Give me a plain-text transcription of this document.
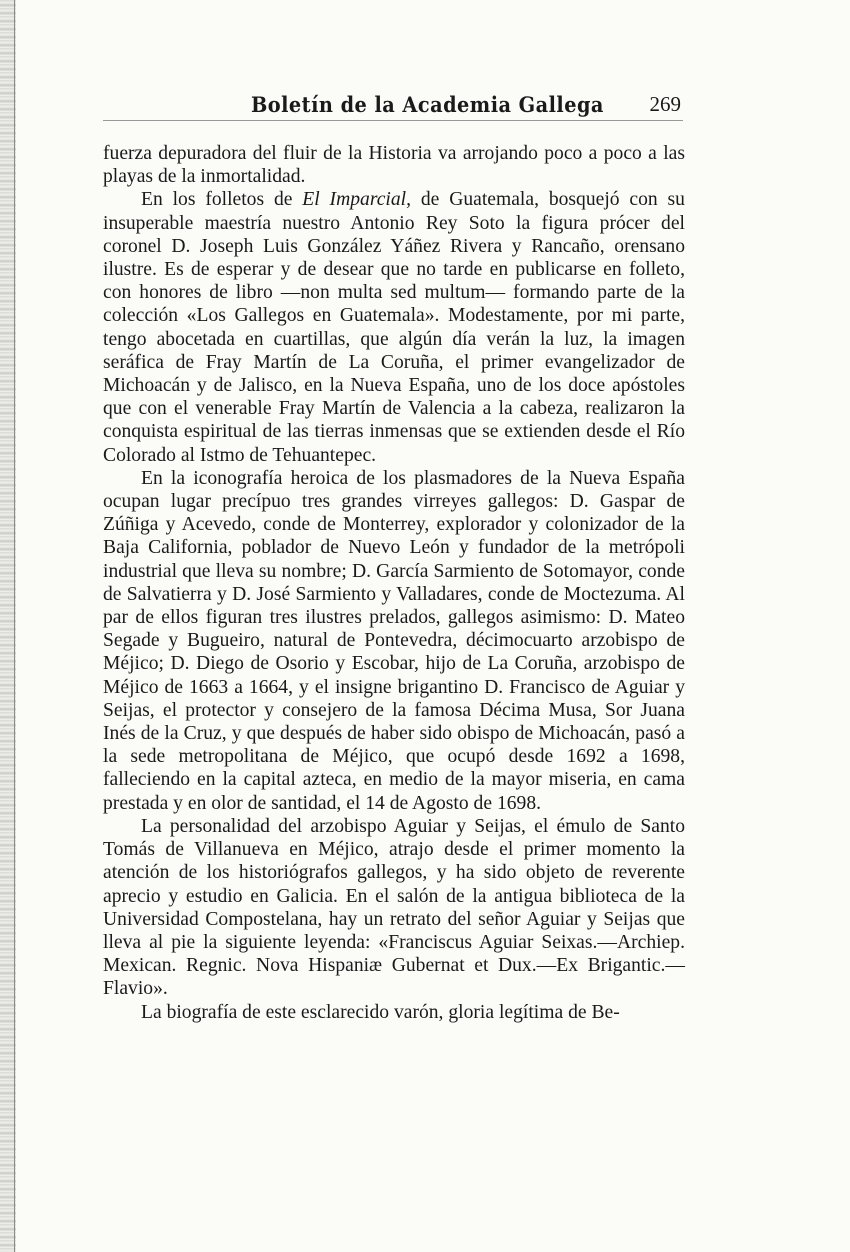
Boletín de la Academia Gallega 269

fuerza depuradora del fluir de la Historia va arrojando poco a poco a las playas de la inmortalidad.

En los folletos de El Imparcial, de Guatemala, bosquejó con su insuperable maestría nuestro Antonio Rey Soto la figura prócer del coronel D. Joseph Luis González Yáñez Rivera y Rancaño, orensano ilustre. Es de esperar y de desear que no tarde en publicarse en folleto, con honores de libro —non multa sed multum— formando parte de la colección «Los Gallegos en Guatemala». Modestamente, por mi parte, tengo abocetada en cuartillas, que algún día verán la luz, la imagen seráfica de Fray Martín de La Coruña, el primer evangelizador de Michoacán y de Jalisco, en la Nueva España, uno de los doce apóstoles que con el venerable Fray Martín de Valencia a la cabeza, realizaron la conquista espiritual de las tierras inmensas que se extienden desde el Río Colorado al Istmo de Tehuantepec.

En la iconografía heroica de los plasmadores de la Nueva España ocupan lugar precípuo tres grandes virreyes gallegos: D. Gaspar de Zúñiga y Acevedo, conde de Monterrey, explorador y colonizador de la Baja California, poblador de Nuevo León y fundador de la metrópoli industrial que lleva su nombre; D. García Sarmiento de Sotomayor, conde de Salvatierra y D. José Sarmiento y Valladares, conde de Moctezuma. Al par de ellos figuran tres ilustres prelados, gallegos asimismo: D. Mateo Segade y Bugueiro, natural de Pontevedra, décimocuarto arzobispo de Méjico; D. Diego de Osorio y Escobar, hijo de La Coruña, arzobispo de Méjico de 1663 a 1664, y el insigne brigantino D. Francisco de Aguiar y Seijas, el protector y consejero de la famosa Décima Musa, Sor Juana Inés de la Cruz, y que después de haber sido obispo de Michoacán, pasó a la sede metropolitana de Méjico, que ocupó desde 1692 a 1698, falleciendo en la capital azteca, en medio de la mayor miseria, en cama prestada y en olor de santidad, el 14 de Agosto de 1698.

La personalidad del arzobispo Aguiar y Seijas, el émulo de Santo Tomás de Villanueva en Méjico, atrajo desde el primer momento la atención de los historiógrafos gallegos, y ha sido objeto de reverente aprecio y estudio en Galicia. En el salón de la antigua biblioteca de la Universidad Compostelana, hay un retrato del señor Aguiar y Seijas que lleva al pie la siguiente leyenda: «Franciscus Aguiar Seixas.—Archiep. Mexican. Regnic. Nova Hispaniæ Gubernat et Dux.—Ex Brigantic.—Flavio».

La biografía de este esclarecido varón, gloria legítima de Be-
